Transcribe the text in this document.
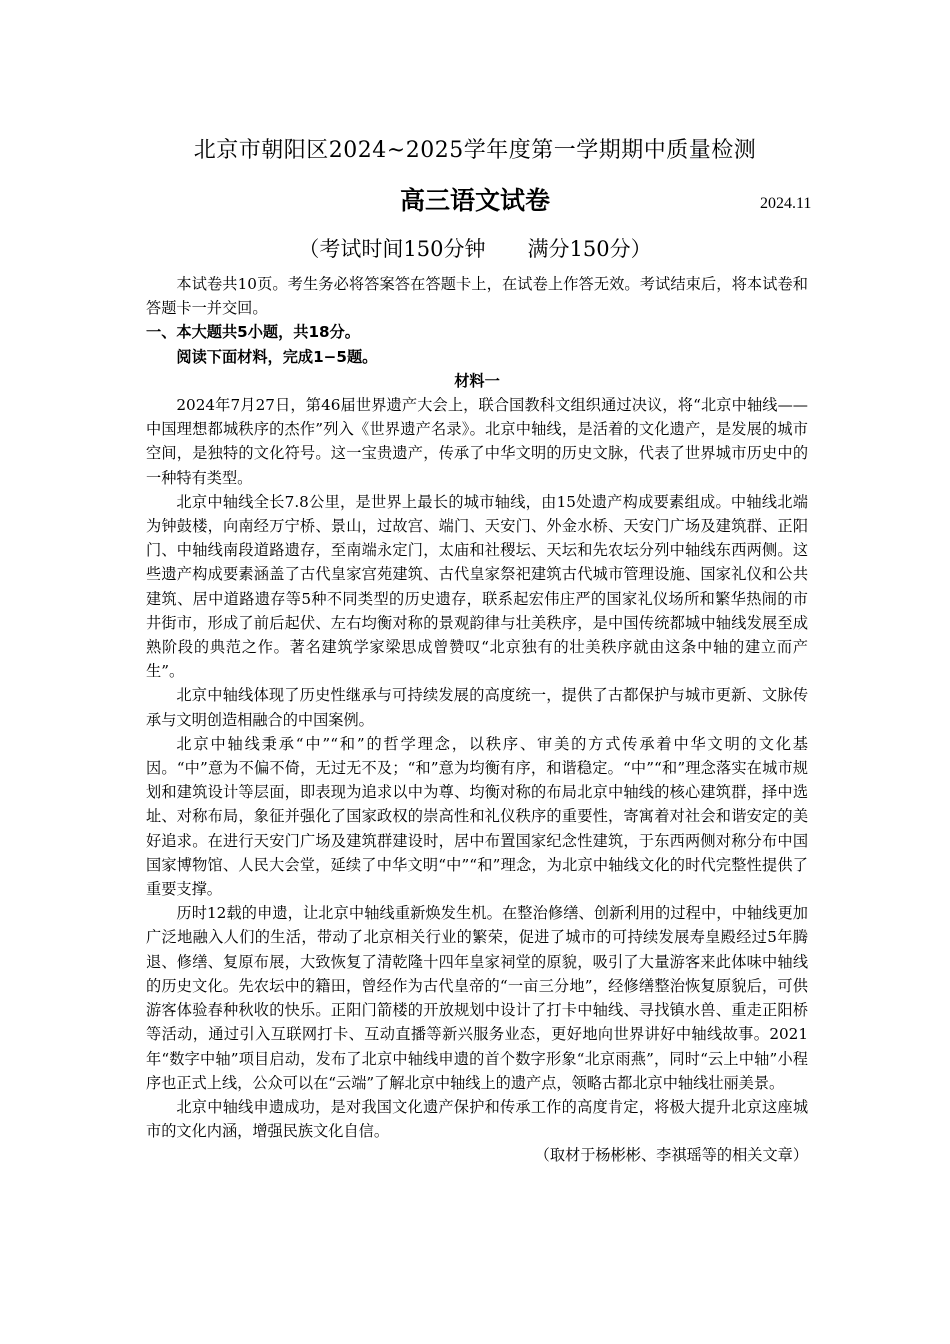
北京市朝阳区2024~2025学年度第一学期期中质量检测
高三语文试卷	2024.11
（考试时间150分钟　　满分150分）

本试卷共10页。考生务必将答案答在答题卡上，在试卷上作答无效。考试结束后，将本试卷和答题卡一并交回。

一、本大题共5小题，共18分。

阅读下面材料，完成1−5题。

材料一

2024年7月27日，第46届世界遗产大会上，联合国教科文组织通过决议，将“北京中轴线——中国理想都城秩序的杰作”列入《世界遗产名录》。北京中轴线，是活着的文化遗产，是发展的城市空间，是独特的文化符号。这一宝贵遗产，传承了中华文明的历史文脉，代表了世界城市历史中的一种特有类型。

北京中轴线全长7.8公里，是世界上最长的城市轴线，由15处遗产构成要素组成。中轴线北端为钟鼓楼，向南经万宁桥、景山，过故宫、端门、天安门、外金水桥、天安门广场及建筑群、正阳门、中轴线南段道路遗存，至南端永定门，太庙和社稷坛、天坛和先农坛分列中轴线东西两侧。这些遗产构成要素涵盖了古代皇家宫苑建筑、古代皇家祭祀建筑古代城市管理设施、国家礼仪和公共建筑、居中道路遗存等5种不同类型的历史遗存，联系起宏伟庄严的国家礼仪场所和繁华热闹的市井街市，形成了前后起伏、左右均衡对称的景观韵律与壮美秩序，是中国传统都城中轴线发展至成熟阶段的典范之作。著名建筑学家梁思成曾赞叹“北京独有的壮美秩序就由这条中轴的建立而产生”。

北京中轴线体现了历史性继承与可持续发展的高度统一，提供了古都保护与城市更新、文脉传承与文明创造相融合的中国案例。

北京中轴线秉承“中”“和”的哲学理念，以秩序、审美的方式传承着中华文明的文化基因。“中”意为不偏不倚，无过无不及；“和”意为均衡有序，和谐稳定。“中”“和”理念落实在城市规划和建筑设计等层面，即表现为追求以中为尊、均衡对称的布局北京中轴线的核心建筑群，择中选址、对称布局，象征并强化了国家政权的崇高性和礼仪秩序的重要性，寄寓着对社会和谐安定的美好追求。在进行天安门广场及建筑群建设时，居中布置国家纪念性建筑，于东西两侧对称分布中国国家博物馆、人民大会堂，延续了中华文明“中”“和”理念，为北京中轴线文化的时代完整性提供了重要支撑。

历时12载的申遗，让北京中轴线重新焕发生机。在整治修缮、创新利用的过程中，中轴线更加广泛地融入人们的生活，带动了北京相关行业的繁荣，促进了城市的可持续发展寿皇殿经过5年腾退、修缮、复原布展，大致恢复了清乾隆十四年皇家祠堂的原貌，吸引了大量游客来此体味中轴线的历史文化。先农坛中的籍田，曾经作为古代皇帝的“一亩三分地”，经修缮整治恢复原貌后，可供游客体验春种秋收的快乐。正阳门箭楼的开放规划中设计了打卡中轴线、寻找镇水兽、重走正阳桥等活动，通过引入互联网打卡、互动直播等新兴服务业态，更好地向世界讲好中轴线故事。2021年“数字中轴”项目启动，发布了北京中轴线申遗的首个数字形象“北京雨燕”，同时“云上中轴”小程序也正式上线，公众可以在“云端”了解北京中轴线上的遗产点，领略古都北京中轴线壮丽美景。

北京中轴线申遗成功，是对我国文化遗产保护和传承工作的高度肯定，将极大提升北京这座城市的文化内涵，增强民族文化自信。

（取材于杨彬彬、李祺瑶等的相关文章）
